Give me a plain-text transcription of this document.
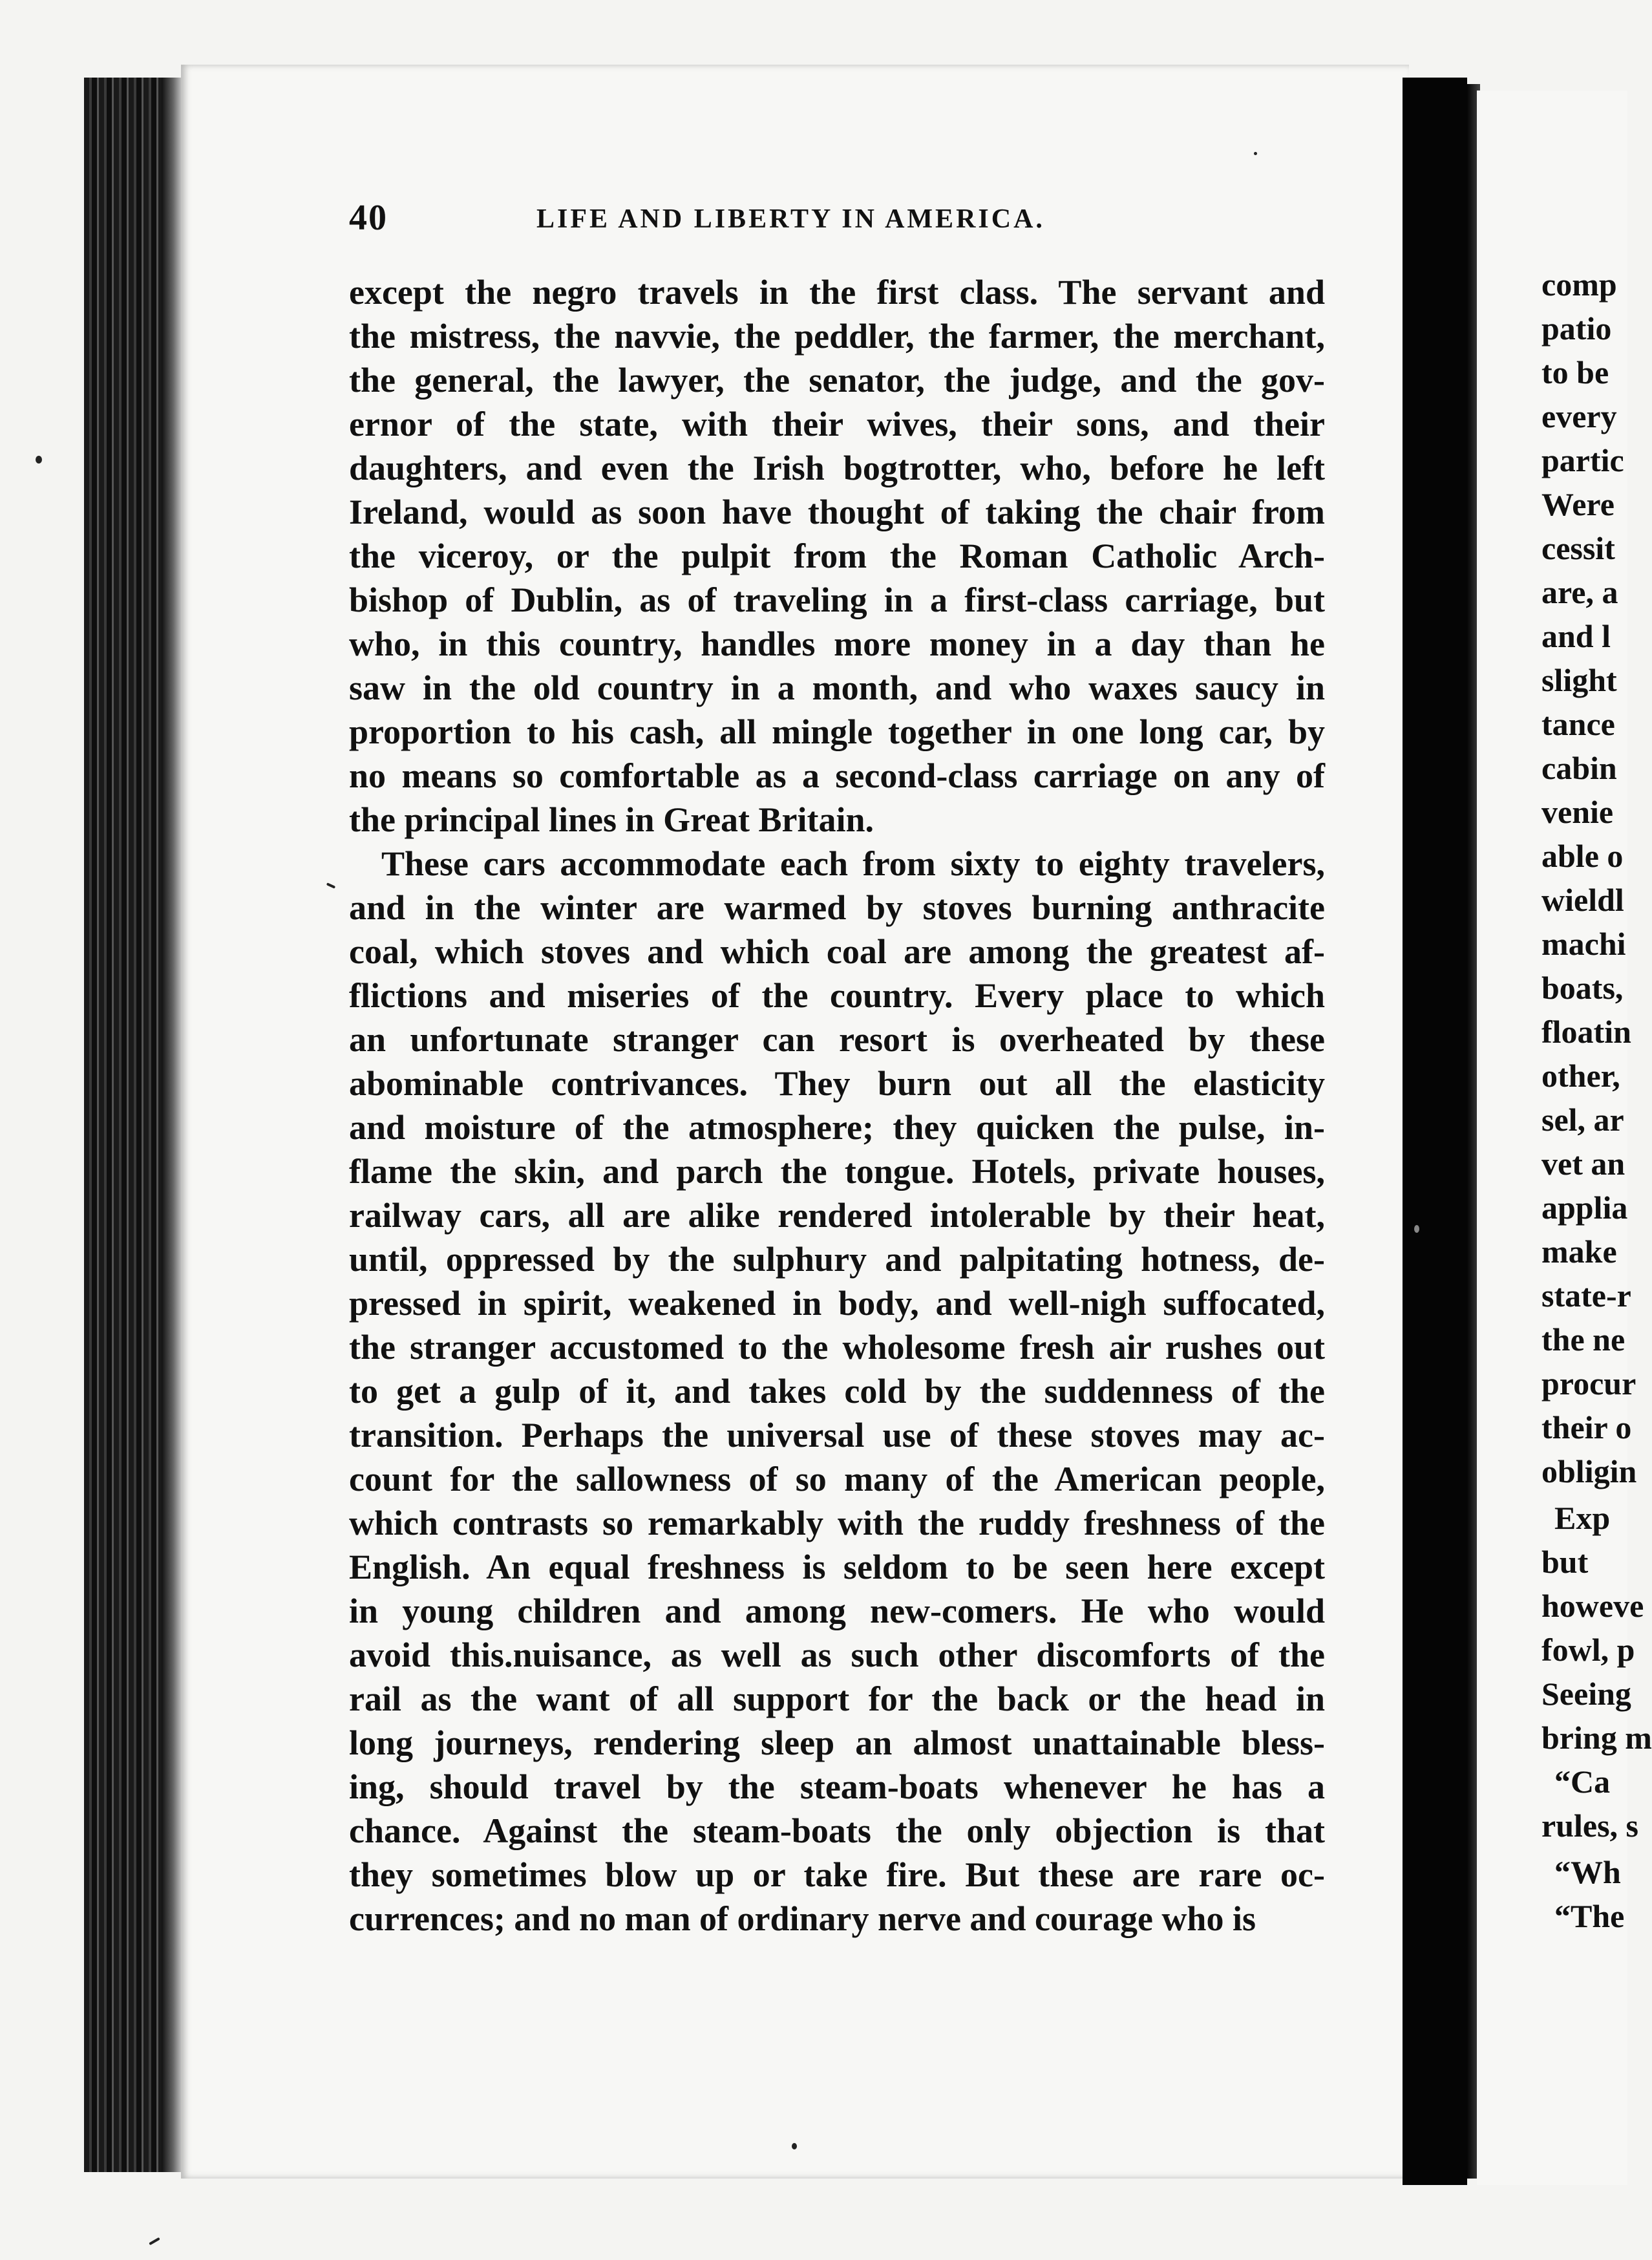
40	LIFE AND LIBERTY IN AMERICA.
except the negro travels in the first class. The servant and
the mistress, the navvie, the peddler, the farmer, the merchant,
the general, the lawyer, the senator, the judge, and the gov-
ernor of the state, with their wives, their sons, and their
daughters, and even the Irish bogtrotter, who, before he left
Ireland, would as soon have thought of taking the chair from
the viceroy, or the pulpit from the Roman Catholic Arch-
bishop of Dublin, as of traveling in a first-class carriage, but
who, in this country, handles more money in a day than he
saw in the old country in a month, and who waxes saucy in
proportion to his cash, all mingle together in one long car, by
no means so comfortable as a second-class carriage on any of
the principal lines in Great Britain.
These cars accommodate each from sixty to eighty travelers,
and in the winter are warmed by stoves burning anthracite
coal, which stoves and which coal are among the greatest af-
flictions and miseries of the country. Every place to which
an unfortunate stranger can resort is overheated by these
abominable contrivances. They burn out all the elasticity
and moisture of the atmosphere; they quicken the pulse, in-
flame the skin, and parch the tongue. Hotels, private houses,
railway cars, all are alike rendered intolerable by their heat,
until, oppressed by the sulphury and palpitating hotness, de-
pressed in spirit, weakened in body, and well-nigh suffocated,
the stranger accustomed to the wholesome fresh air rushes out
to get a gulp of it, and takes cold by the suddenness of the
transition. Perhaps the universal use of these stoves may ac-
count for the sallowness of so many of the American people,
which contrasts so remarkably with the ruddy freshness of the
English. An equal freshness is seldom to be seen here except
in young children and among new-comers. He who would
avoid this.nuisance, as well as such other discomforts of the
rail as the want of all support for the back or the head in
long journeys, rendering sleep an almost unattainable bless-
ing, should travel by the steam-boats whenever he has a
chance. Against the steam-boats the only objection is that
they sometimes blow up or take fire. But these are rare oc-
currences; and no man of ordinary nerve and courage who is
comp
patio
to be
every
partic
Were
cessit
are, a
and l
slight
tance
cabin
venie
able o
wieldl
machi
boats,
floatin
other,
sel, ar
vet an
applia
make
state-r
the ne
procur
their o
obligin
Exp
but
howeve
fowl, p
Seeing
bring m
“Ca
rules, s
“Wh
“The
